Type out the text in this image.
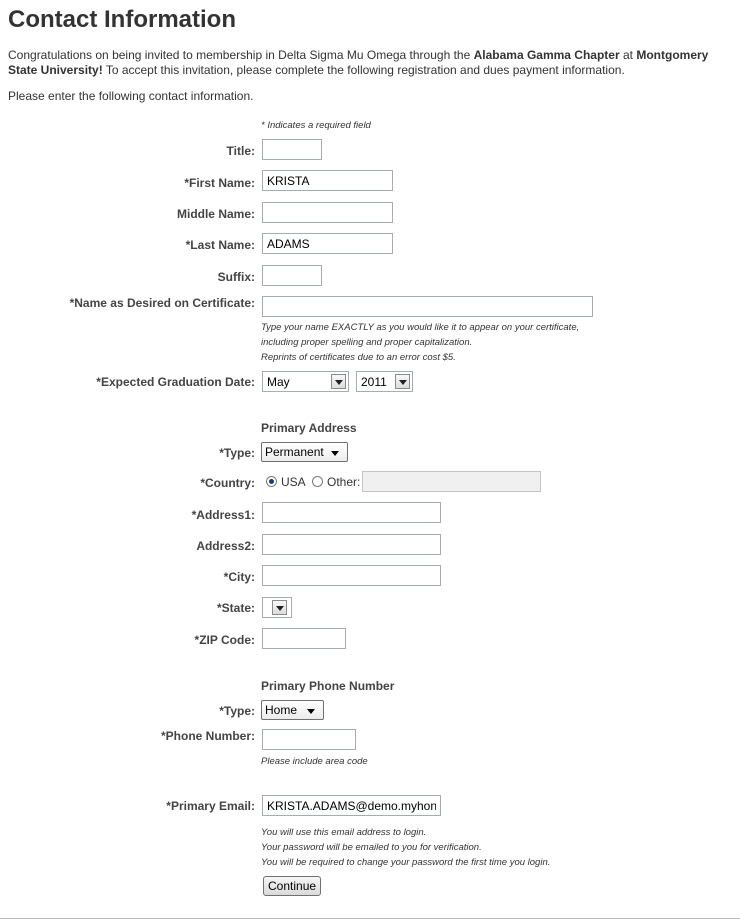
Contact Information
Congratulations on being invited to membership in Delta Sigma Mu Omega through the Alabama Gamma Chapter at Montgomery State University! To accept this invitation, please complete the following registration and dues payment information.
Please enter the following contact information.
* Indicates a required field
Title:
*First Name:
KRISTA
Middle Name:
*Last Name:
ADAMS
Suffix:
*Name as Desired on Certificate:
Type your name EXACTLY as you would like it to appear on your certificate,
including proper spelling and proper capitalization.
Reprints of certificates due to an error cost $5.
*Expected Graduation Date: May	2011
Primary Address
*Type: Permanent
*Country: USA Other:
*Address1:
Address2:
*City:
*State:
*ZIP Code:
Primary Phone Number
*Type: Home
*Phone Number:
Please include area code
*Primary Email:
KRISTA.ADAMS@demo.myhonor
You will use this email address to login.
Your password will be emailed to you for verification.
You will be required to change your password the first time you login.
Continue
